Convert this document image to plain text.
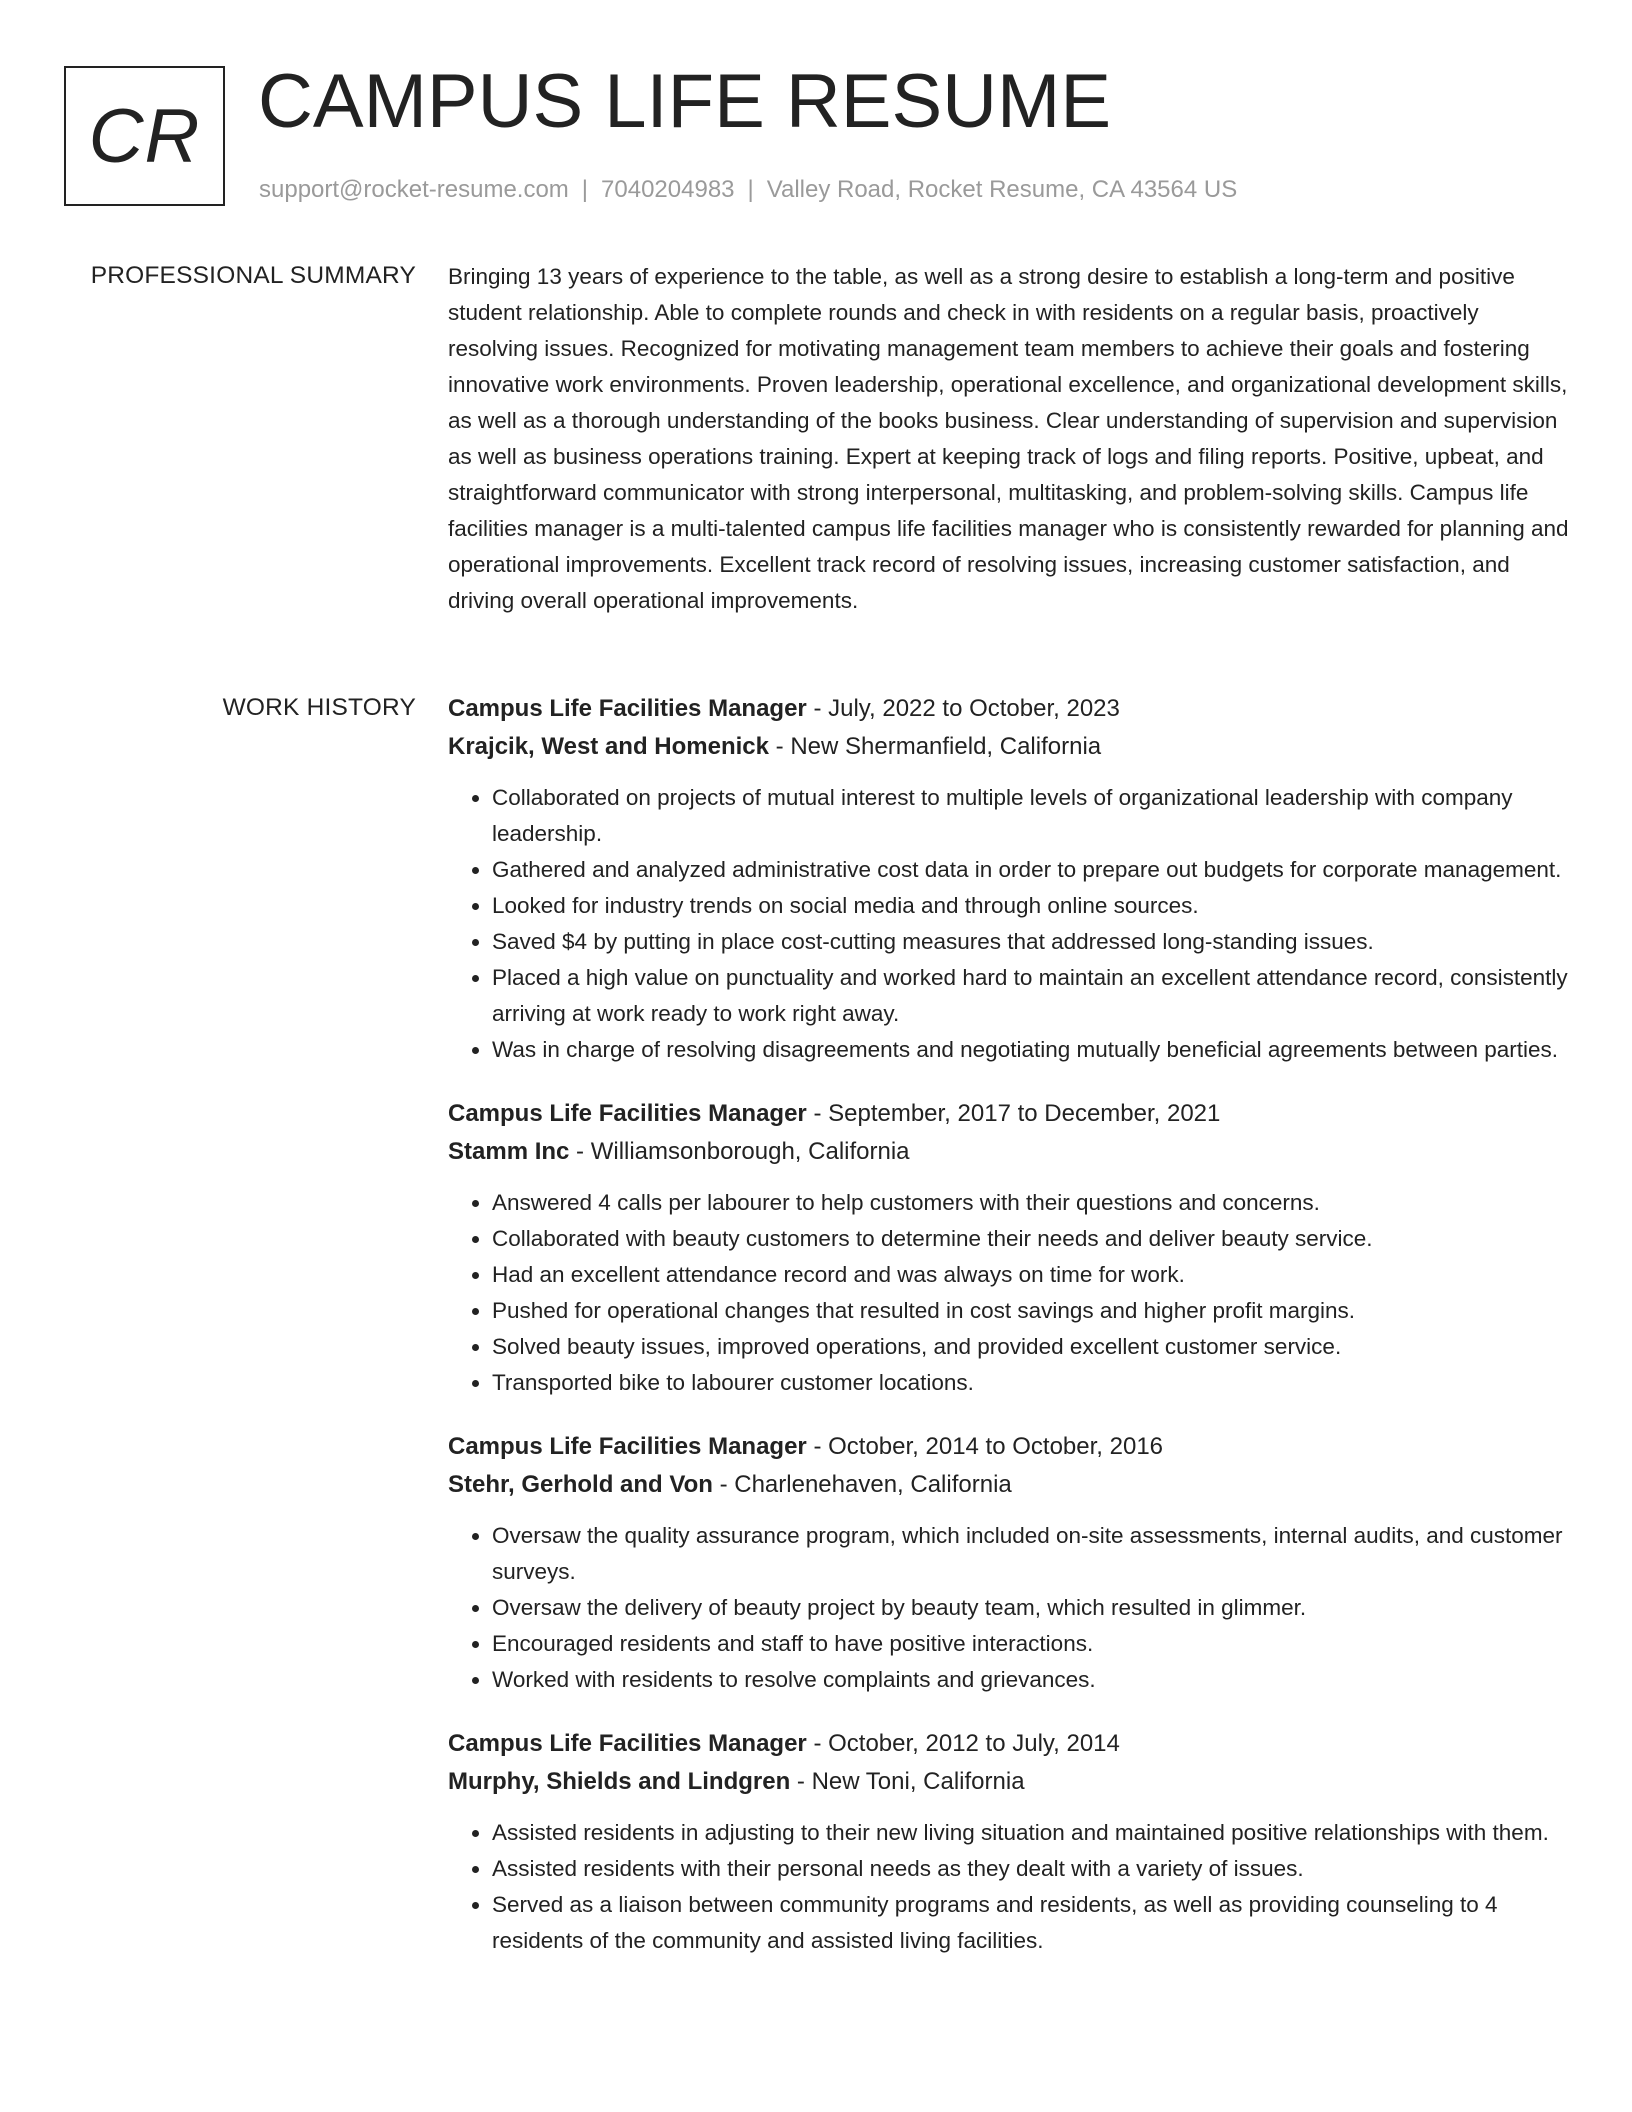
CR CAMPUS LIFE RESUME
support@rocket-resume.com | 7040204983 | Valley Road, Rocket Resume, CA 43564 US
PROFESSIONAL SUMMARY Bringing 13 years of experience to the table, as well as a strong desire to establish a long-term and positive student relationship. Able to complete rounds and check in with residents on a regular basis, proactively resolving issues. Recognized for motivating management team members to achieve their goals and fostering innovative work environments. Proven leadership, operational excellence, and organizational development skills, as well as a thorough understanding of the books business. Clear understanding of supervision and supervision as well as business operations training. Expert at keeping track of logs and filing reports. Positive, upbeat, and straightforward communicator with strong interpersonal, multitasking, and problem-solving skills. Campus life facilities manager is a multi-talented campus life facilities manager who is consistently rewarded for planning and operational improvements. Excellent track record of resolving issues, increasing customer satisfaction, and driving overall operational improvements.

WORK HISTORY Campus Life Facilities Manager - July, 2022 to October, 2023
Krajcik, West and Homenick - New Shermanfield, California
• Collaborated on projects of mutual interest to multiple levels of organizational leadership with company leadership.
• Gathered and analyzed administrative cost data in order to prepare out budgets for corporate management.
• Looked for industry trends on social media and through online sources.
• Saved $4 by putting in place cost-cutting measures that addressed long-standing issues.
• Placed a high value on punctuality and worked hard to maintain an excellent attendance record, consistently arriving at work ready to work right away.
• Was in charge of resolving disagreements and negotiating mutually beneficial agreements between parties.
Campus Life Facilities Manager - September, 2017 to December, 2021
Stamm Inc - Williamsonborough, California
• Answered 4 calls per labourer to help customers with their questions and concerns.
• Collaborated with beauty customers to determine their needs and deliver beauty service.
• Had an excellent attendance record and was always on time for work.
• Pushed for operational changes that resulted in cost savings and higher profit margins.
• Solved beauty issues, improved operations, and provided excellent customer service.
• Transported bike to labourer customer locations.
Campus Life Facilities Manager - October, 2014 to October, 2016
Stehr, Gerhold and Von - Charlenehaven, California
• Oversaw the quality assurance program, which included on-site assessments, internal audits, and customer surveys.
• Oversaw the delivery of beauty project by beauty team, which resulted in glimmer.
• Encouraged residents and staff to have positive interactions.
• Worked with residents to resolve complaints and grievances.
Campus Life Facilities Manager - October, 2012 to July, 2014
Murphy, Shields and Lindgren - New Toni, California
• Assisted residents in adjusting to their new living situation and maintained positive relationships with them.
• Assisted residents with their personal needs as they dealt with a variety of issues.
• Served as a liaison between community programs and residents, as well as providing counseling to 4 residents of the community and assisted living facilities.
